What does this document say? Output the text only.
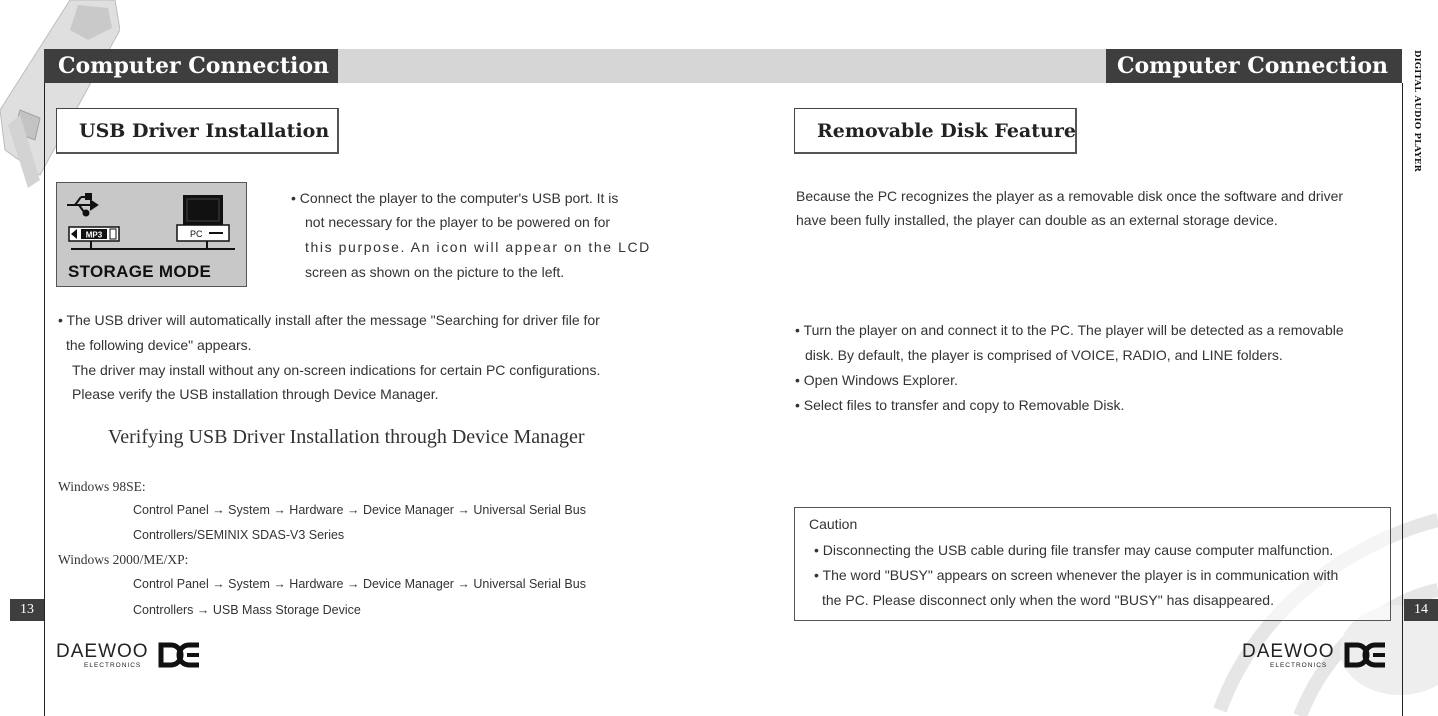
Computer Connection	Computer Connection	DIGITAL AUDIO PLAYER
USB Driver Installation
MP3	PC
STORAGE MODE
• Connect the player to the computer's USB port. It is
not necessary for the player to be powered on for
this purpose. An icon will appear on the LCD
screen as shown on the picture to the left.
• The USB driver will automatically install after the message "Searching for driver file for
the following device" appears.
The driver may install without any on-screen indications for certain PC configurations.
Please verify the USB installation through Device Manager.
Verifying USB Driver Installation through Device Manager
Windows 98SE:
Control Panel → System → Hardware → Device Manager → Universal Serial Bus
Controllers/SEMINIX SDAS-V3 Series
Windows 2000/ME/XP:
Control Panel → System → Hardware → Device Manager → Universal Serial Bus
Controllers → USB Mass Storage Device
13
DAEWOO
ELECTRONICS
Removable Disk Feature
Because the PC recognizes the player as a removable disk once the software and driver
have been fully installed, the player can double as an external storage device.
• Turn the player on and connect it to the PC. The player will be detected as a removable
disk. By default, the player is comprised of VOICE, RADIO, and LINE folders.
• Open Windows Explorer.
• Select files to transfer and copy to Removable Disk.
Caution
• Disconnecting the USB cable during file transfer may cause computer malfunction.
• The word "BUSY" appears on screen whenever the player is in communication with
the PC. Please disconnect only when the word "BUSY" has disappeared.
14
DAEWOO
ELECTRONICS
